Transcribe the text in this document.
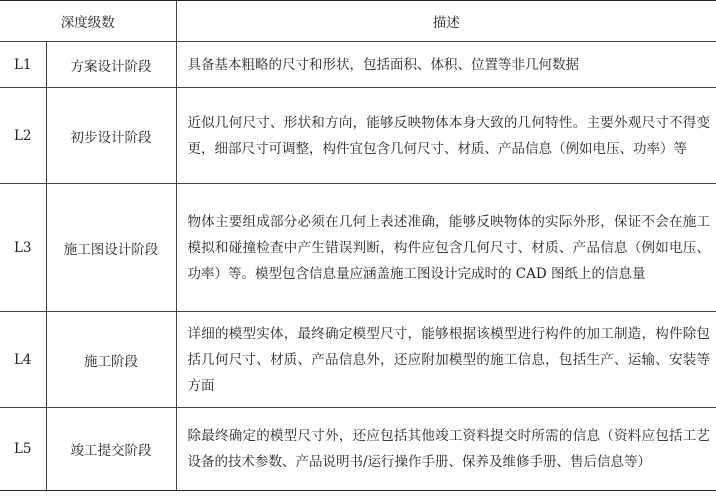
深度级数		描述
L1	方案设计阶段	具备基本粗略的尺寸和形状，包括面积、体积、位置等非几何数据
L2	初步设计阶段	近似几何尺寸、形状和方向，能够反映物体本身大致的几何特性。主要外观尺寸不得变更，细部尺寸可调整，构件宜包含几何尺寸、材质、产品信息（例如电压、功率）等
L3	施工图设计阶段	物体主要组成部分必须在几何上表述准确，能够反映物体的实际外形，保证不会在施工模拟和碰撞检查中产生错误判断，构件应包含几何尺寸、材质、产品信息（例如电压、功率）等。模型包含信息量应涵盖施工图设计完成时的 CAD 图纸上的信息量
L4	施工阶段	详细的模型实体，最终确定模型尺寸，能够根据该模型进行构件的加工制造，构件除包括几何尺寸、材质、产品信息外，还应附加模型的施工信息，包括生产、运输、安装等方面
L5	竣工提交阶段	除最终确定的模型尺寸外，还应包括其他竣工资料提交时所需的信息（资料应包括工艺设备的技术参数、产品说明书/运行操作手册、保养及维修手册、售后信息等）
